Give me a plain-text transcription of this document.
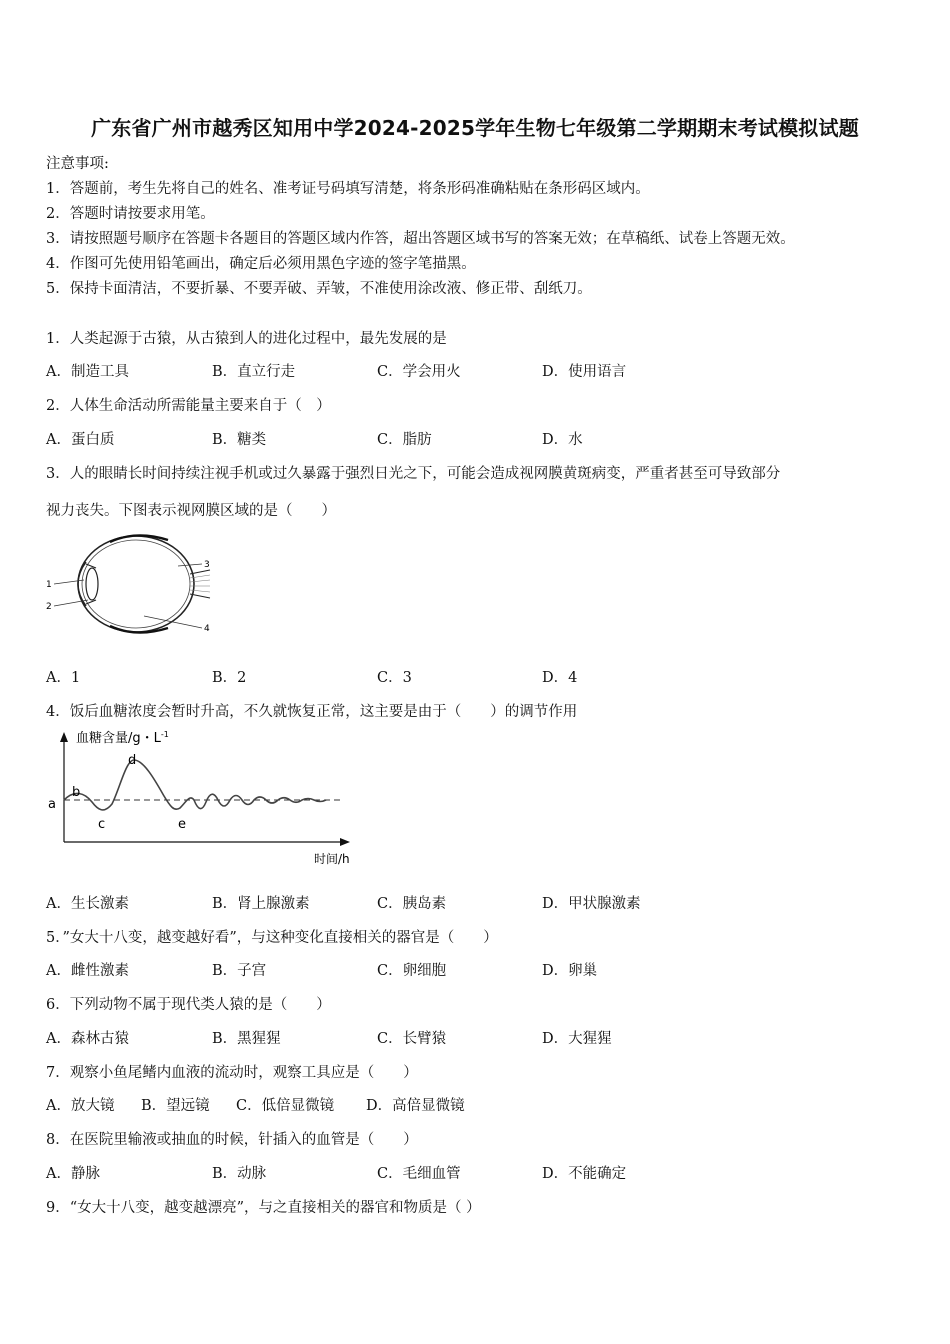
广东省广州市越秀区知用中学2024-2025学年生物七年级第二学期期末考试模拟试题
注意事项:
1．答题前，考生先将自己的姓名、准考证号码填写清楚，将条形码准确粘贴在条形码区域内。
2．答题时请按要求用笔。
3．请按照题号顺序在答题卡各题目的答题区域内作答，超出答题区域书写的答案无效；在草稿纸、试卷上答题无效。
4．作图可先使用铅笔画出，确定后必须用黑色字迹的签字笔描黑。
5．保持卡面清洁，不要折暴、不要弄破、弄皱，不准使用涂改液、修正带、刮纸刀。
1．人类起源于古猿，从古猿到人的进化过程中，最先发展的是
A．制造工具	B．直立行走	C．学会用火	D．使用语言
2．人体生命活动所需能量主要来自于（　）
A．蛋白质	B．糖类	C．脂肪	D．水
3．人的眼睛长时间持续注视手机或过久暴露于强烈日光之下，可能会造成视网膜黄斑病变，严重者甚至可导致部分
视力丧失。下图表示视网膜区域的是（　　）
1
2
3
4
A．1	B．2	C．3	D．4
4．饭后血糖浓度会暂时升高，不久就恢复正常，这主要是由于（　　）的调节作用
血糖含量/g・$L^{-1}$
a
b
c
d
e
时间/h
A．生长激素	B．肾上腺激素	C．胰岛素	D．甲状腺激素
5．”女大十八变，越变越好看”，与这种变化直接相关的器官是（　　）
A．雌性激素	B．子宫	C．卵细胞	D．卵巢
6．下列动物不属于现代类人猿的是（　　）
A．森林古猿	B．黑猩猩	C．长臂猿	D．大猩猩
7．观察小鱼尾鳍内血液的流动时，观察工具应是（　　）
A．放大镜 B．望远镜 C．低倍显微镜 D．高倍显微镜
8．在医院里输液或抽血的时候，针插入的血管是（　　）
A．静脉	B．动脉	C．毛细血管	D．不能确定
9．“女大十八变，越变越漂亮”，与之直接相关的器官和物质是（ ）
